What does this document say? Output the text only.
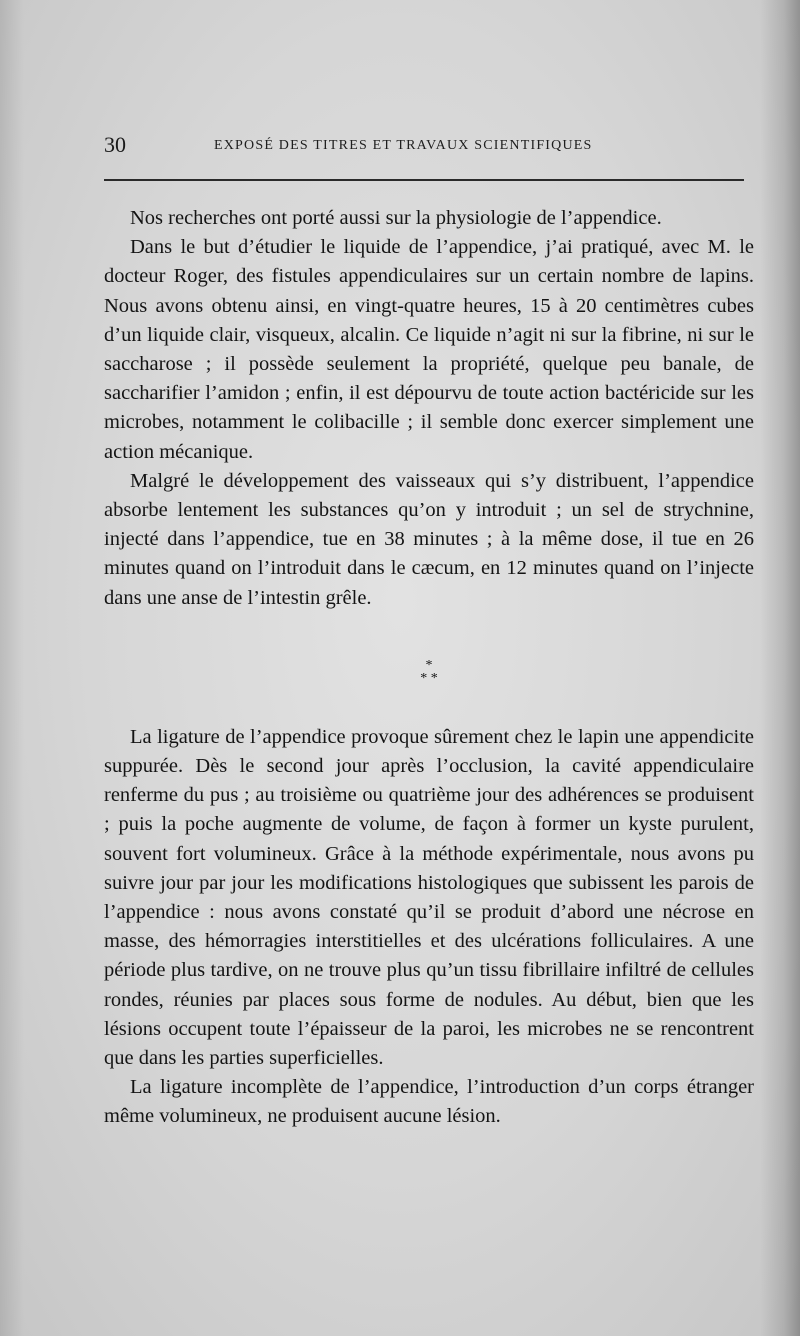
30	EXPOSÉ DES TITRES ET TRAVAUX SCIENTIFIQUES

Nos recherches ont porté aussi sur la physiologie de l’appendice.

Dans le but d’étudier le liquide de l’appendice, j’ai pratiqué, avec M. le docteur Roger, des fistules appendiculaires sur un certain nombre de lapins. Nous avons obtenu ainsi, en vingt-quatre heures, 15 à 20 centimètres cubes d’un liquide clair, visqueux, alcalin. Ce liquide n’agit ni sur la fibrine, ni sur le saccharose ; il possède seulement la propriété, quelque peu banale, de saccharifier l’amidon ; enfin, il est dépourvu de toute action bactéricide sur les microbes, notamment le colibacille ; il semble donc exercer simplement une action mécanique.

Malgré le développement des vaisseaux qui s’y distribuent, l’appendice absorbe lentement les substances qu’on y introduit ; un sel de strychnine, injecté dans l’appendice, tue en 38 minutes ; à la même dose, il tue en 26 minutes quand on l’introduit dans le cæcum, en 12 minutes quand on l’injecte dans une anse de l’intestin grêle.

*
* *

La ligature de l’appendice provoque sûrement chez le lapin une appendicite suppurée. Dès le second jour après l’occlusion, la cavité appendiculaire renferme du pus ; au troisième ou quatrième jour des adhérences se produisent ; puis la poche augmente de volume, de façon à former un kyste purulent, souvent fort volumineux. Grâce à la méthode expérimentale, nous avons pu suivre jour par jour les modifications histologiques que subissent les parois de l’appendice : nous avons constaté qu’il se produit d’abord une nécrose en masse, des hémorragies interstitielles et des ulcérations folliculaires. A une période plus tardive, on ne trouve plus qu’un tissu fibrillaire infiltré de cellules rondes, réunies par places sous forme de nodules. Au début, bien que les lésions occupent toute l’épaisseur de la paroi, les microbes ne se rencontrent que dans les parties superficielles.

La ligature incomplète de l’appendice, l’introduction d’un corps étranger même volumineux, ne produisent aucune lésion.
